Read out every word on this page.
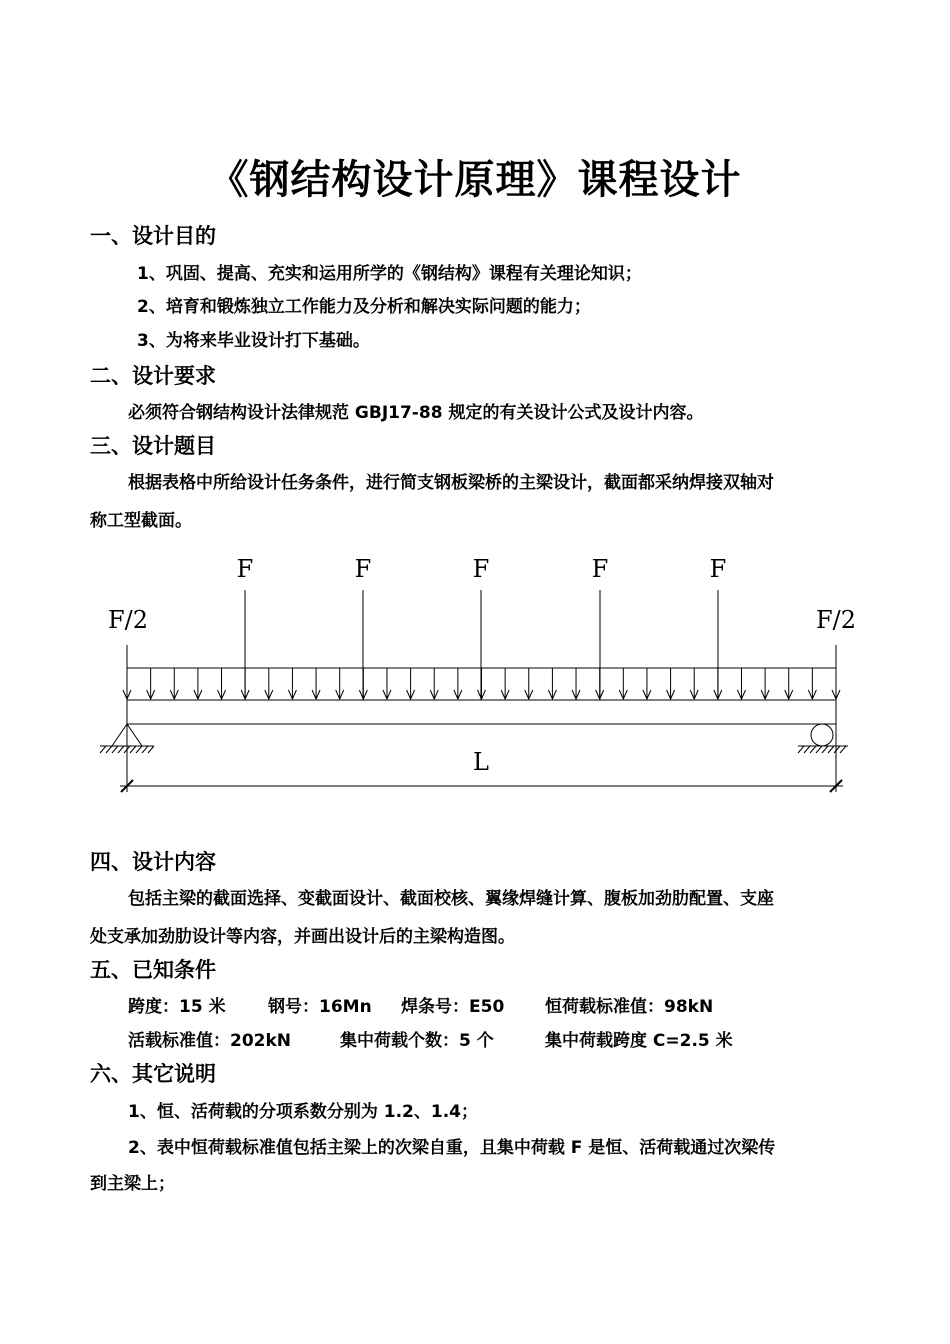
《钢结构设计原理》课程设计
一、设计目的
1、巩固、提高、充实和运用所学的《钢结构》课程有关理论知识；
2、培育和锻炼独立工作能力及分析和解决实际问题的能力；
3、为将来毕业设计打下基础。
二、设计要求
必须符合钢结构设计法律规范 GBJ17-88 规定的有关设计公式及设计内容。
三、设计题目
根据表格中所给设计任务条件，进行简支钢板梁桥的主梁设计，截面都采纳焊接双轴对
称工型截面。
F	F	F	F	F
F/2	F/2
L
四、设计内容
包括主梁的截面选择、变截面设计、截面校核、翼缘焊缝计算、腹板加劲肋配置、支座
处支承加劲肋设计等内容，并画出设计后的主梁构造图。
五、已知条件
跨度：15 米 钢号：16Mn 焊条号：E50 恒荷载标准值：98kN
活载标准值：202kN	集中荷载个数：5 个	集中荷载跨度 C=2.5 米
六、其它说明
1、恒、活荷载的分项系数分别为 1.2、1.4；
2、表中恒荷载标准值包括主梁上的次梁自重，且集中荷载 F 是恒、活荷载通过次梁传
到主梁上；
